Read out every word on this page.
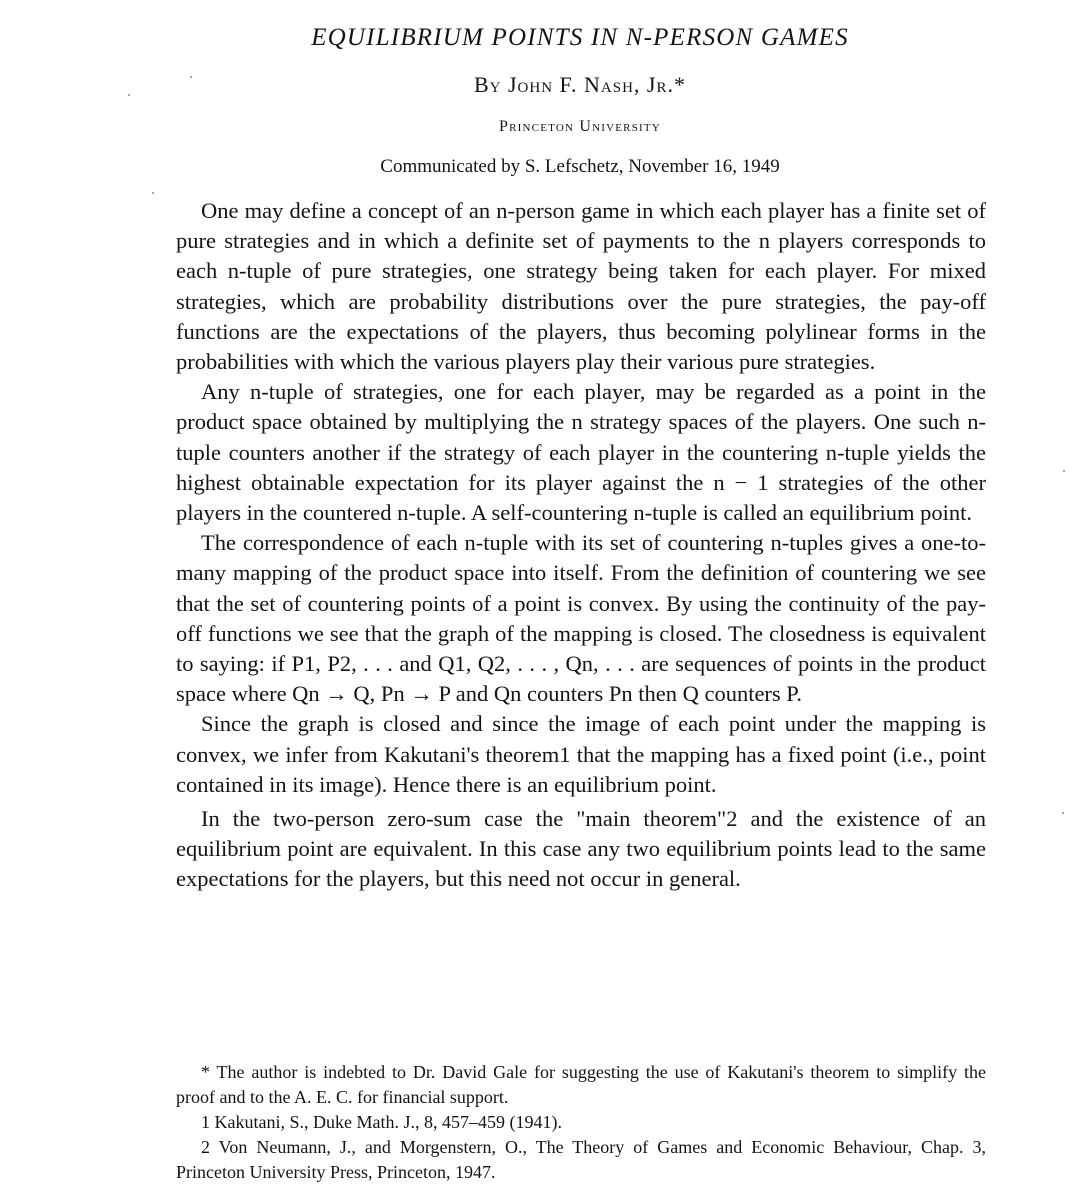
EQUILIBRIUM POINTS IN N-PERSON GAMES
By John F. Nash, Jr.*
Princeton University
Communicated by S. Lefschetz, November 16, 1949

One may define a concept of an n-person game in which each player has a finite set of pure strategies and in which a definite set of payments to the n players corresponds to each n-tuple of pure strategies, one strategy being taken for each player. For mixed strategies, which are probability distributions over the pure strategies, the pay-off functions are the expectations of the players, thus becoming polylinear forms in the probabilities with which the various players play their various pure strategies.

Any n-tuple of strategies, one for each player, may be regarded as a point in the product space obtained by multiplying the n strategy spaces of the players. One such n-tuple counters another if the strategy of each player in the countering n-tuple yields the highest obtainable expectation for its player against the n − 1 strategies of the other players in the countered n-tuple. A self-countering n-tuple is called an equilibrium point.

The correspondence of each n-tuple with its set of countering n-tuples gives a one-to-many mapping of the product space into itself. From the definition of countering we see that the set of countering points of a point is convex. By using the continuity of the pay-off functions we see that the graph of the mapping is closed. The closedness is equivalent to saying: if P1, P2, . . . and Q1, Q2, . . . , Qn, . . . are sequences of points in the product space where Qn → Q, Pn → P and Qn counters Pn then Q counters P.

Since the graph is closed and since the image of each point under the mapping is convex, we infer from Kakutani's theorem1 that the mapping has a fixed point (i.e., point contained in its image). Hence there is an equilibrium point.

In the two-person zero-sum case the "main theorem"2 and the existence of an equilibrium point are equivalent. In this case any two equilibrium points lead to the same expectations for the players, but this need not occur in general.

* The author is indebted to Dr. David Gale for suggesting the use of Kakutani's theorem to simplify the proof and to the A. E. C. for financial support.

1 Kakutani, S., Duke Math. J., 8, 457–459 (1941).

2 Von Neumann, J., and Morgenstern, O., The Theory of Games and Economic Behaviour, Chap. 3, Princeton University Press, Princeton, 1947.
